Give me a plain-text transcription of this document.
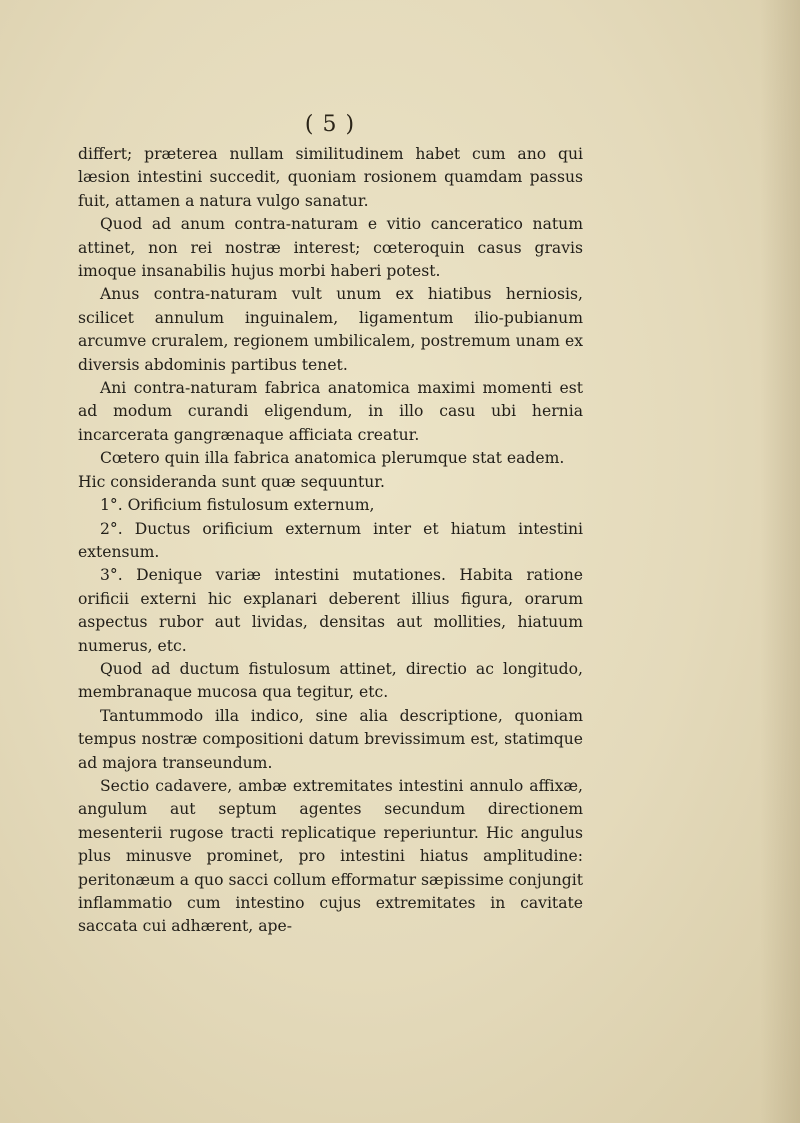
( 5 )

differt; præterea nullam similitudinem habet cum ano qui læsion intestini succedit, quoniam rosionem quamdam passus fuit, attamen a natura vulgo sanatur.

Quod ad anum contra-naturam e vitio canceratico natum attinet, non rei nostræ interest; cœteroquin casus gravis imoque insanabilis hujus morbi haberi potest.

Anus contra-naturam vult unum ex hiatibus herniosis, scilicet annulum inguinalem, ligamentum ilio-pubianum arcumve cruralem, regionem umbilicalem, postremum unam ex diversis abdominis partibus tenet.

Ani contra-naturam fabrica anatomica maximi momenti est ad modum curandi eligendum, in illo casu ubi hernia incarcerata gangrænaque afficiata creatur.

Cœtero quin illa fabrica anatomica plerumque stat eadem.

Hic consideranda sunt quæ sequuntur.

1°. Orificium fistulosum externum,

2°. Ductus orificium externum inter et hiatum intestini extensum.

3°. Denique variæ intestini mutationes. Habita ratione orificii externi hic explanari deberent illius figura, orarum aspectus rubor aut lividas, densitas aut mollities, hiatuum numerus, etc.

Quod ad ductum fistulosum attinet, directio ac longitudo, membranaque mucosa qua tegitur, etc.

Tantummodo illa indico, sine alia descriptione, quoniam tempus nostræ compositioni datum brevissimum est, statimque ad majora transeundum.

Sectio cadavere, ambæ extremitates intestini annulo affixæ, angulum aut septum agentes secundum directionem mesenterii rugose tracti replicatique reperiuntur. Hic angulus plus minusve prominet, pro intestini hiatus amplitudine: peritonæum a quo sacci collum efformatur sæpissime conjungit inflammatio cum intestino cujus extremitates in cavitate saccata cui adhærent, ape-
